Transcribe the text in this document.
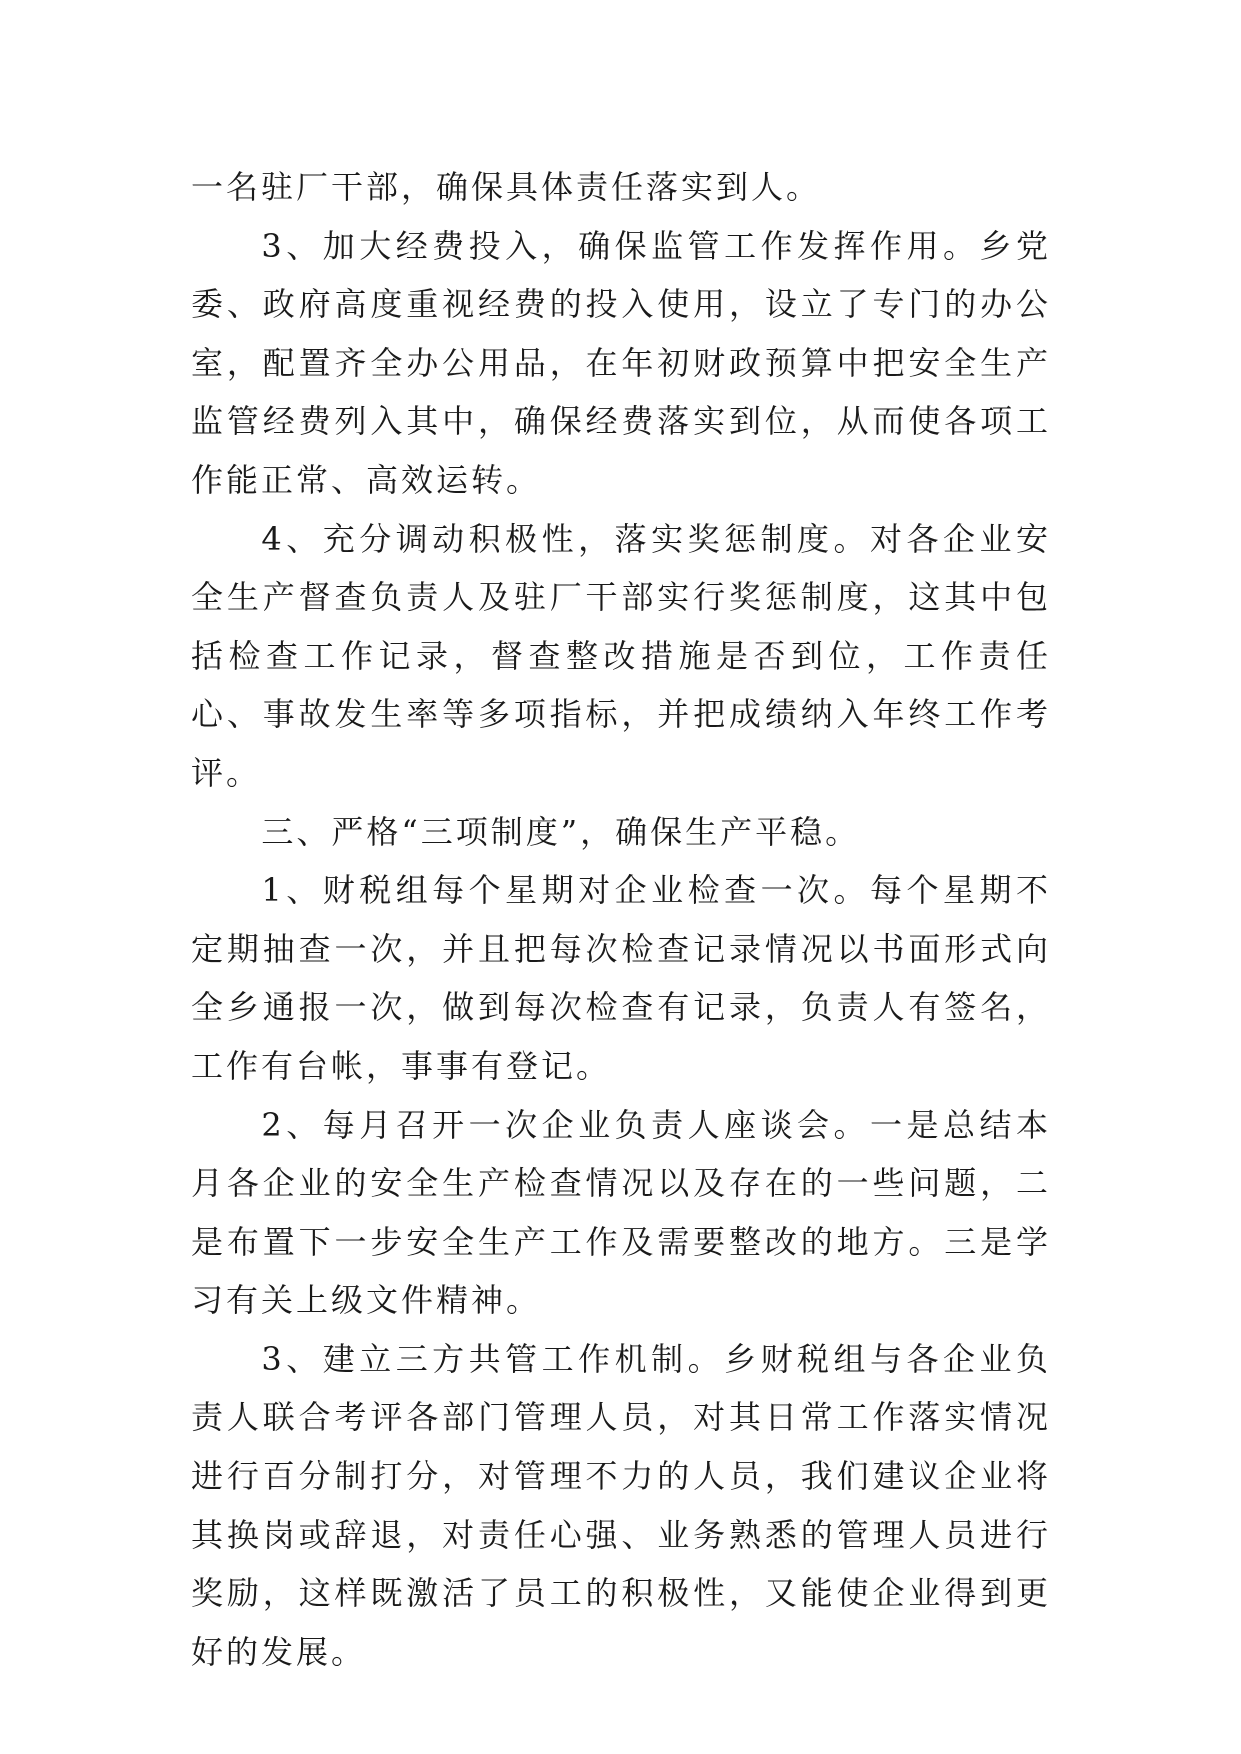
一名驻厂干部，确保具体责任落实到人。

3、加大经费投入，确保监管工作发挥作用。乡党委、政府高度重视经费的投入使用，设立了专门的办公室，配置齐全办公用品，在年初财政预算中把安全生产监管经费列入其中，确保经费落实到位，从而使各项工作能正常、高效运转。

4、充分调动积极性，落实奖惩制度。对各企业安全生产督查负责人及驻厂干部实行奖惩制度，这其中包括检查工作记录，督查整改措施是否到位，工作责任心、事故发生率等多项指标，并把成绩纳入年终工作考评。

三、严格“三项制度”，确保生产平稳。

1、财税组每个星期对企业检查一次。每个星期不定期抽查一次，并且把每次检查记录情况以书面形式向全乡通报一次，做到每次检查有记录，负责人有签名，工作有台帐，事事有登记。

2、每月召开一次企业负责人座谈会。一是总结本月各企业的安全生产检查情况以及存在的一些问题，二是布置下一步安全生产工作及需要整改的地方。三是学习有关上级文件精神。

3、建立三方共管工作机制。乡财税组与各企业负责人联合考评各部门管理人员，对其日常工作落实情况进行百分制打分，对管理不力的人员，我们建议企业将其换岗或辞退，对责任心强、业务熟悉的管理人员进行奖励，这样既激活了员工的积极性，又能使企业得到更好的发展。
